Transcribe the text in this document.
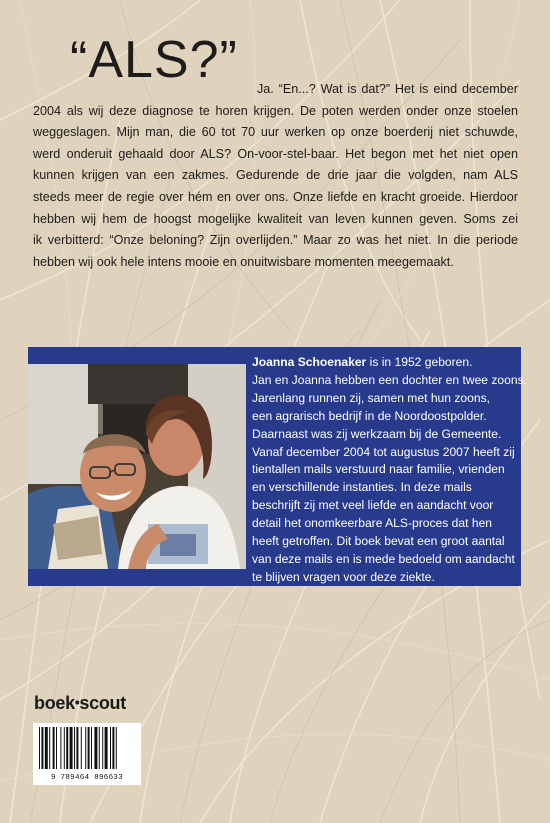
“ALS?”	Ja. “En...? Wat is dat?” Het is eind december
2004 als wij deze diagnose te horen krijgen. De poten werden onder onze stoelen
weggeslagen. Mijn man, die 60 tot 70 uur werken op onze boerderij niet schuwde,
werd onderuit gehaald door ALS? On-voor-stel-baar. Het begon met het niet open
kunnen krijgen van een zakmes. Gedurende de drie jaar die volgden, nam ALS
steeds meer de regie over hém en over ons. Onze liefde en kracht groeide. Hierdoor
hebben wij hem de hoogst mogelijke kwaliteit van leven kunnen geven. Soms zei
ik verbitterd: “Onze beloning? Zijn overlijden.” Maar zo was het niet. In die periode
hebben wij ook hele intens mooie en onuitwisbare momenten meegemaakt.

Joanna Schoenaker is in 1952 geboren.
Jan en Joanna hebben een dochter en twee zoons.
Jarenlang runnen zij, samen met hun zoons,
een agrarisch bedrijf in de Noordoostpolder.
Daarnaast was zij werkzaam bij de Gemeente.
Vanaf december 2004 tot augustus 2007 heeft zij
tientallen mails verstuurd naar familie, vrienden
en verschillende instanties. In deze mails
beschrijft zij met veel liefde en aandacht voor
detail het onomkeerbare ALS-proces dat hen
heeft getroffen. Dit boek bevat een groot aantal
van deze mails en is mede bedoeld om aandacht
te blijven vragen voor deze ziekte.

boek•scout
9 789464 896633
